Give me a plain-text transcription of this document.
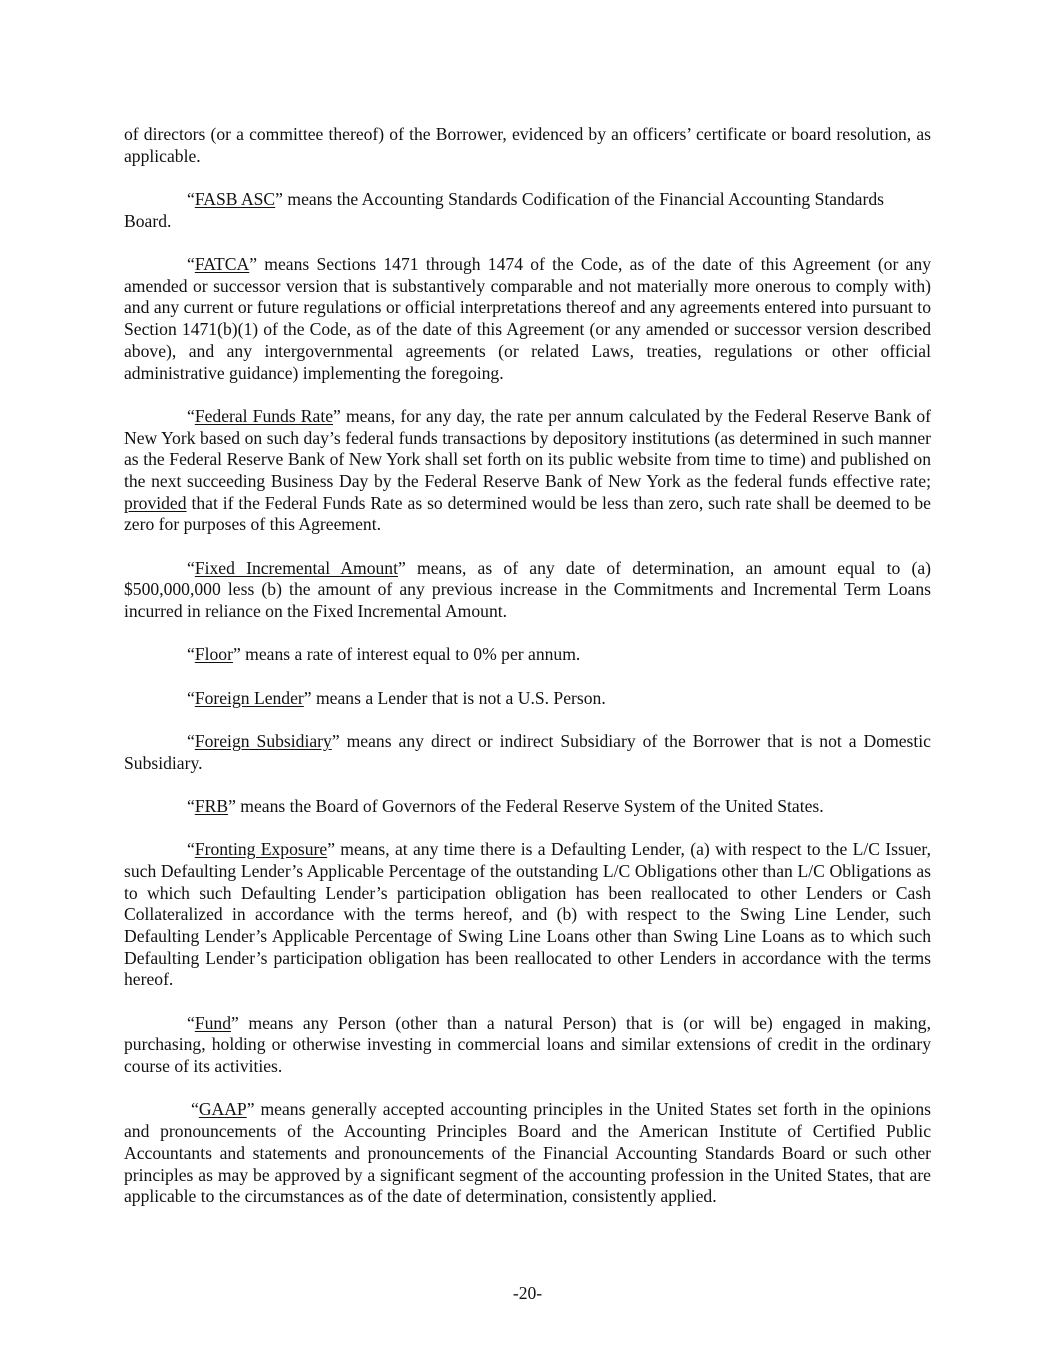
of directors (or a committee thereof) of the Borrower, evidenced by an officers’ certificate or board resolution, as applicable.

“FASB ASC” means the Accounting Standards Codification of the Financial Accounting Standards Board.

“FATCA” means Sections 1471 through 1474 of the Code, as of the date of this Agreement (or any amended or successor version that is substantively comparable and not materially more onerous to comply with) and any current or future regulations or official interpretations thereof and any agreements entered into pursuant to Section 1471(b)(1) of the Code, as of the date of this Agreement (or any amended or successor version described above), and any intergovernmental agreements (or related Laws, treaties, regulations or other official administrative guidance) implementing the foregoing.

“Federal Funds Rate” means, for any day, the rate per annum calculated by the Federal Reserve Bank of New York based on such day’s federal funds transactions by depository institutions (as determined in such manner as the Federal Reserve Bank of New York shall set forth on its public website from time to time) and published on the next succeeding Business Day by the Federal Reserve Bank of New York as the federal funds effective rate; provided that if the Federal Funds Rate as so determined would be less than zero, such rate shall be deemed to be zero for purposes of this Agreement.

“Fixed Incremental Amount” means, as of any date of determination, an amount equal to (a) $500,000,000 less (b) the amount of any previous increase in the Commitments and Incremental Term Loans incurred in reliance on the Fixed Incremental Amount.

“Floor” means a rate of interest equal to 0% per annum.

“Foreign Lender” means a Lender that is not a U.S. Person.

“Foreign Subsidiary” means any direct or indirect Subsidiary of the Borrower that is not a Domestic Subsidiary.

“FRB” means the Board of Governors of the Federal Reserve System of the United States.

“Fronting Exposure” means, at any time there is a Defaulting Lender, (a) with respect to the L/C Issuer, such Defaulting Lender’s Applicable Percentage of the outstanding L/C Obligations other than L/C Obligations as to which such Defaulting Lender’s participation obligation has been reallocated to other Lenders or Cash Collateralized in accordance with the terms hereof, and (b) with respect to the Swing Line Lender, such Defaulting Lender’s Applicable Percentage of Swing Line Loans other than Swing Line Loans as to which such Defaulting Lender’s participation obligation has been reallocated to other Lenders in accordance with the terms hereof.

“Fund” means any Person (other than a natural Person) that is (or will be) engaged in making, purchasing, holding or otherwise investing in commercial loans and similar extensions of credit in the ordinary course of its activities.

“GAAP” means generally accepted accounting principles in the United States set forth in the opinions and pronouncements of the Accounting Principles Board and the American Institute of Certified Public Accountants and statements and pronouncements of the Financial Accounting Standards Board or such other principles as may be approved by a significant segment of the accounting profession in the United States, that are applicable to the circumstances as of the date of determination, consistently applied.

-20-
